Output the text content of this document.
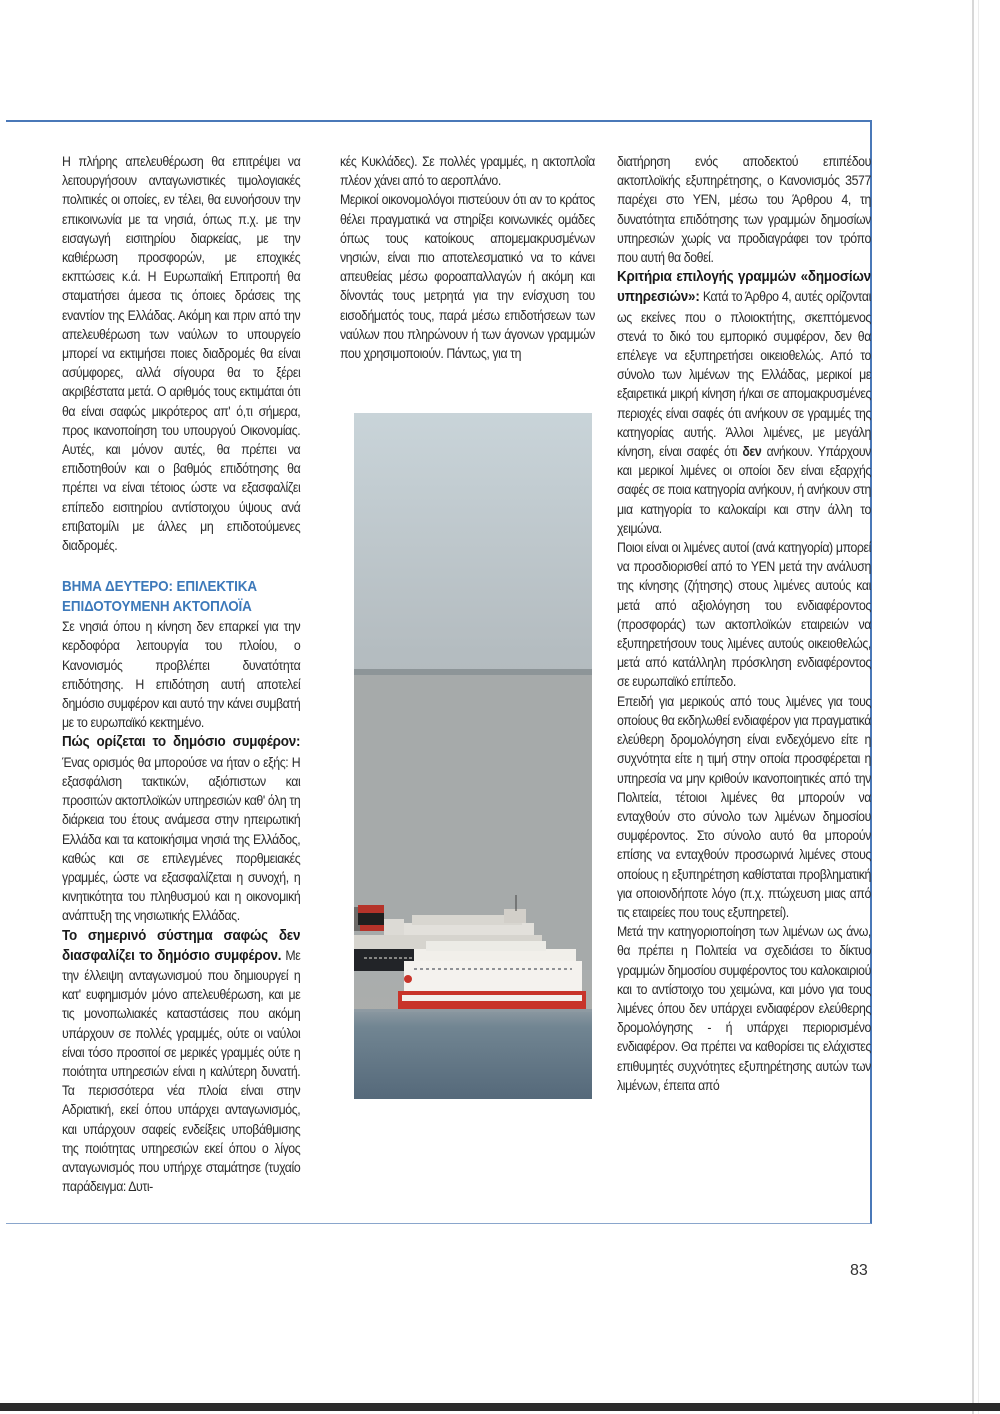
Η πλήρης απελευθέρωση θα επιτρέψει να λειτουργήσουν ανταγωνιστικές τιμολογιακές πολιτικές οι οποίες, εν τέλει, θα ευνοήσουν την επικοινωνία με τα νησιά, όπως π.χ. με την εισαγωγή εισιτηρίου διαρκείας, με την καθιέρωση προσφορών, με εποχικές εκπτώσεις κ.ά. Η Ευρωπαϊκή Επιτροπή θα σταματήσει άμεσα τις όποιες δράσεις της εναντίον της Ελλάδας. Ακόμη και πριν από την απελευθέρωση των ναύλων το υπουργείο μπορεί να εκτιμήσει ποιες διαδρομές θα είναι ασύμφορες, αλλά σίγουρα θα το ξέρει ακριβέστατα μετά. Ο αριθμός τους εκτιμάται ότι θα είναι σαφώς μικρότερος απ' ό,τι σήμερα, προς ικανοποίηση του υπουργού Οικονομίας. Αυτές, και μόνον αυτές, θα πρέπει να επιδοτηθούν και ο βαθμός επιδότησης θα πρέπει να είναι τέτοιος ώστε να εξασφαλίζει επίπεδο εισιτηρίου αντίστοιχου ύψους ανά επιβατομίλι με άλλες μη επιδοτούμενες διαδρομές.

ΒΗΜΑ ΔΕΥΤΕΡΟ: ΕΠΙΛΕΚΤΙΚΑ ΕΠΙΔΟΤΟΥΜΕΝΗ ΑΚΤΟΠΛΟΪΑ

Σε νησιά όπου η κίνηση δεν επαρκεί για την κερδοφόρα λειτουργία του πλοίου, ο Κανονισμός προβλέπει δυνατότητα επιδότησης. Η επιδότηση αυτή αποτελεί δημόσιο συμφέρον και αυτό την κάνει συμβατή με το ευρωπαϊκό κεκτημένο.

Πώς ορίζεται το δημόσιο συμφέρον: Ένας ορισμός θα μπορούσε να ήταν ο εξής: Η εξασφάλιση τακτικών, αξιόπιστων και προσιτών ακτοπλοϊκών υπηρεσιών καθ' όλη τη διάρκεια του έτους ανάμεσα στην ηπειρωτική Ελλάδα και τα κατοικήσιμα νησιά της Ελλάδος, καθώς και σε επιλεγμένες πορθμειακές γραμμές, ώστε να εξασφαλίζεται η συνοχή, η κινητικότητα του πληθυσμού και η οικονομική ανάπτυξη της νησιωτικής Ελλάδας.

Το σημερινό σύστημα σαφώς δεν διασφαλίζει το δημόσιο συμφέρον. Με την έλλειψη ανταγωνισμού που δημιουργεί η κατ' ευφημισμόν μόνο απελευθέρωση, και με τις μονοπωλιακές καταστάσεις που ακόμη υπάρχουν σε πολλές γραμμές, ούτε οι ναύλοι είναι τόσο προσιτοί σε μερικές γραμμές ούτε η ποιότητα υπηρεσιών είναι η καλύτερη δυνατή. Τα περισσότερα νέα πλοία είναι στην Αδριατική, εκεί όπου υπάρχει ανταγωνισμός, και υπάρχουν σαφείς ενδείξεις υποβάθμισης της ποιότητας υπηρεσιών εκεί όπου ο λίγος ανταγωνισμός που υπήρχε σταμάτησε (τυχαίο παράδειγμα: Δυτι-

κές Κυκλάδες). Σε πολλές γραμμές, η ακτοπλοΐα πλέον χάνει από το αεροπλάνο.

Μερικοί οικονομολόγοι πιστεύουν ότι αν το κράτος θέλει πραγματικά να στηρίξει κοινωνικές ομάδες όπως τους κατοίκους απομεμακρυσμένων νησιών, είναι πιο αποτελεσματικό να το κάνει απευθείας μέσω φοροαπαλλαγών ή ακόμη και δίνοντάς τους μετρητά για την ενίσχυση του εισοδήματός τους, παρά μέσω επιδοτήσεων των ναύλων που πληρώνουν ή των άγονων γραμμών που χρησιμοποιούν. Πάντως, για τη

διατήρηση ενός αποδεκτού επιπέδου ακτοπλοϊκής εξυπηρέτησης, ο Κανονισμός 3577 παρέχει στο ΥΕΝ, μέσω του Άρθρου 4, τη δυνατότητα επιδότησης των γραμμών δημοσίων υπηρεσιών χωρίς να προδιαγράφει τον τρόπο που αυτή θα δοθεί.

Κριτήρια επιλογής γραμμών «δημοσίων υπηρεσιών»: Κατά το Άρθρο 4, αυτές ορίζονται ως εκείνες που ο πλοιοκτήτης, σκεπτόμενος στενά το δικό του εμπορικό συμφέρον, δεν θα επέλεγε να εξυπηρετήσει οικειοθελώς. Από το σύνολο των λιμένων της Ελλάδας, μερικοί με εξαιρετικά μικρή κίνηση ή/και σε απομακρυσμένες περιοχές είναι σαφές ότι ανήκουν σε γραμμές της κατηγορίας αυτής. Άλλοι λιμένες, με μεγάλη κίνηση, είναι σαφές ότι δεν ανήκουν. Υπάρχουν και μερικοί λιμένες οι οποίοι δεν είναι εξαρχής σαφές σε ποια κατηγορία ανήκουν, ή ανήκουν στη μια κατηγορία το καλοκαίρι και στην άλλη το χειμώνα.

Ποιοι είναι οι λιμένες αυτοί (ανά κατηγορία) μπορεί να προσδιορισθεί από το ΥΕΝ μετά την ανάλυση της κίνησης (ζήτησης) στους λιμένες αυτούς και μετά από αξιολόγηση του ενδιαφέροντος (προσφοράς) των ακτοπλοϊκών εταιρειών να εξυπηρετήσουν τους λιμένες αυτούς οικειοθελώς, μετά από κατάλληλη πρόσκληση ενδιαφέροντος σε ευρωπαϊκό επίπεδο.

Επειδή για μερικούς από τους λιμένες για τους οποίους θα εκδηλωθεί ενδιαφέρον για πραγματικά ελεύθερη δρομολόγηση είναι ενδεχόμενο είτε η συχνότητα είτε η τιμή στην οποία προσφέρεται η υπηρεσία να μην κριθούν ικανοποιητικές από την Πολιτεία, τέτοιοι λιμένες θα μπορούν να ενταχθούν στο σύνολο των λιμένων δημοσίου συμφέροντος. Στο σύνολο αυτό θα μπορούν επίσης να ενταχθούν προσωρινά λιμένες στους οποίους η εξυπηρέτηση καθίσταται προβληματική για οποιονδήποτε λόγο (π.χ. πτώχευση μιας από τις εταιρείες που τους εξυπηρετεί).

Μετά την κατηγοριοποίηση των λιμένων ως άνω, θα πρέπει η Πολιτεία να σχεδιάσει το δίκτυο γραμμών δημοσίου συμφέροντος του καλοκαιριού και το αντίστοιχο του χειμώνα, και μόνο για τους λιμένες όπου δεν υπάρχει ενδιαφέρον ελεύθερης δρομολόγησης - ή υπάρχει περιορισμένο ενδιαφέρον. Θα πρέπει να καθορίσει τις ελάχιστες επιθυμητές συχνότητες εξυπηρέτησης αυτών των λιμένων, έπειτα από

83
